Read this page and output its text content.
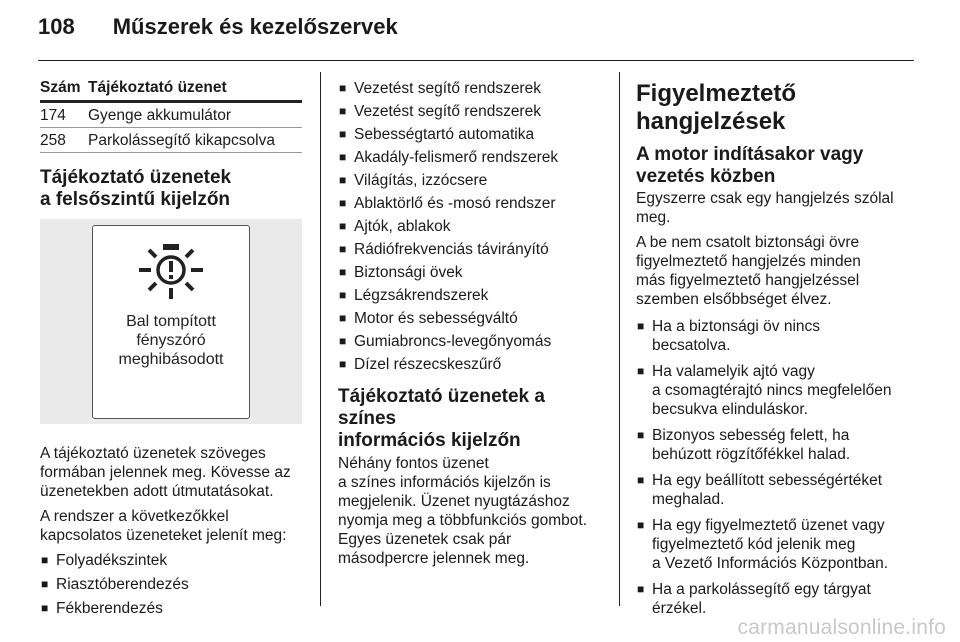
108 Műszerek és kezelőszervek
Szám	Tájékoztató üzenet
174	Gyenge akkumulátor
258	Parkolássegítő kikapcsolva
Tájékoztató üzenetek
a felsőszintű kijelzőn
Bal tompított
fényszóró
meghibásodott

A tájékoztató üzenetek szöveges
formában jelennek meg. Kövesse az
üzenetekben adott útmutatásokat.

A rendszer a következőkkel
kapcsolatos üzeneteket jelenít meg:

■ Folyadékszintek
■ Riasztóberendezés
■ Fékberendezés
■ Vezetést segítő rendszerek
■ Vezetést segítő rendszerek
■ Sebességtartó automatika
■ Akadály-felismerő rendszerek
■ Világítás, izzócsere
■ Ablaktörlő és -mosó rendszer
■ Ajtók, ablakok
■ Rádiófrekvenciás távirányító
■ Biztonsági övek
■ Légzsákrendszerek
■ Motor és sebességváltó
■ Gumiabroncs-levegőnyomás
■ Dízel részecskeszűrő
Tájékoztató üzenetek a színes
információs kijelzőn

Néhány fontos üzenet
a színes információs kijelzőn is
megjelenik. Üzenet nyugtázáshoz
nyomja meg a többfunkciós gombot.
Egyes üzenetek csak pár
másodpercre jelennek meg.

Figyelmeztető
hangjelzések
A motor indításakor vagy
vezetés közben

Egyszerre csak egy hangjelzés szólal
meg.

A be nem csatolt biztonsági övre
figyelmeztető hangjelzés minden
más figyelmeztető hangjelzéssel
szemben elsőbbséget élvez.

■ Ha a biztonsági öv nincs
becsatolva.
■ Ha valamelyik ajtó vagy
a csomagtérajtó nincs megfelelően
becsukva elinduláskor.
■ Bizonyos sebesség felett, ha
behúzott rögzítőfékkel halad.
■ Ha egy beállított sebességértéket
meghalad.
■ Ha egy figyelmeztető üzenet vagy
figyelmeztető kód jelenik meg
a Vezető Információs Központban.
■ Ha a parkolássegítő egy tárgyat
érzékel.
carmanualsonline.info
